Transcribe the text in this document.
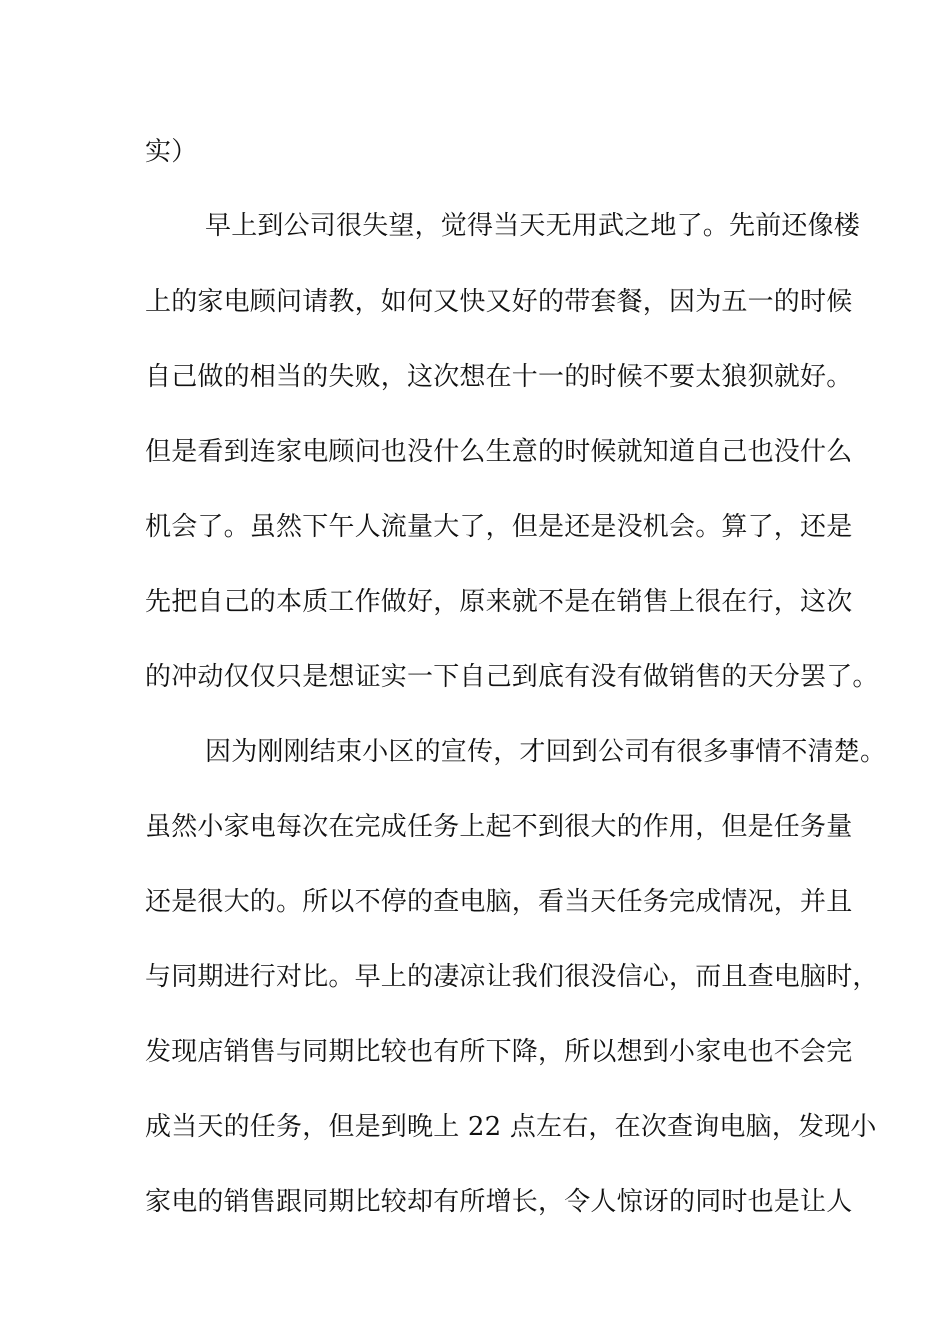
实）
早上到公司很失望，觉得当天无用武之地了。先前还像楼
上的家电顾问请教，如何又快又好的带套餐，因为五一的时候
自己做的相当的失败，这次想在十一的时候不要太狼狈就好。
但是看到连家电顾问也没什么生意的时候就知道自己也没什么
机会了。虽然下午人流量大了，但是还是没机会。算了，还是
先把自己的本质工作做好，原来就不是在销售上很在行，这次
的冲动仅仅只是想证实一下自己到底有没有做销售的天分罢了。
因为刚刚结束小区的宣传，才回到公司有很多事情不清楚。
虽然小家电每次在完成任务上起不到很大的作用，但是任务量
还是很大的。所以不停的查电脑，看当天任务完成情况，并且
与同期进行对比。早上的凄凉让我们很没信心，而且查电脑时，
发现店销售与同期比较也有所下降，所以想到小家电也不会完
成当天的任务，但是到晚上 22 点左右，在次查询电脑，发现小
家电的销售跟同期比较却有所增长，令人惊讶的同时也是让人
